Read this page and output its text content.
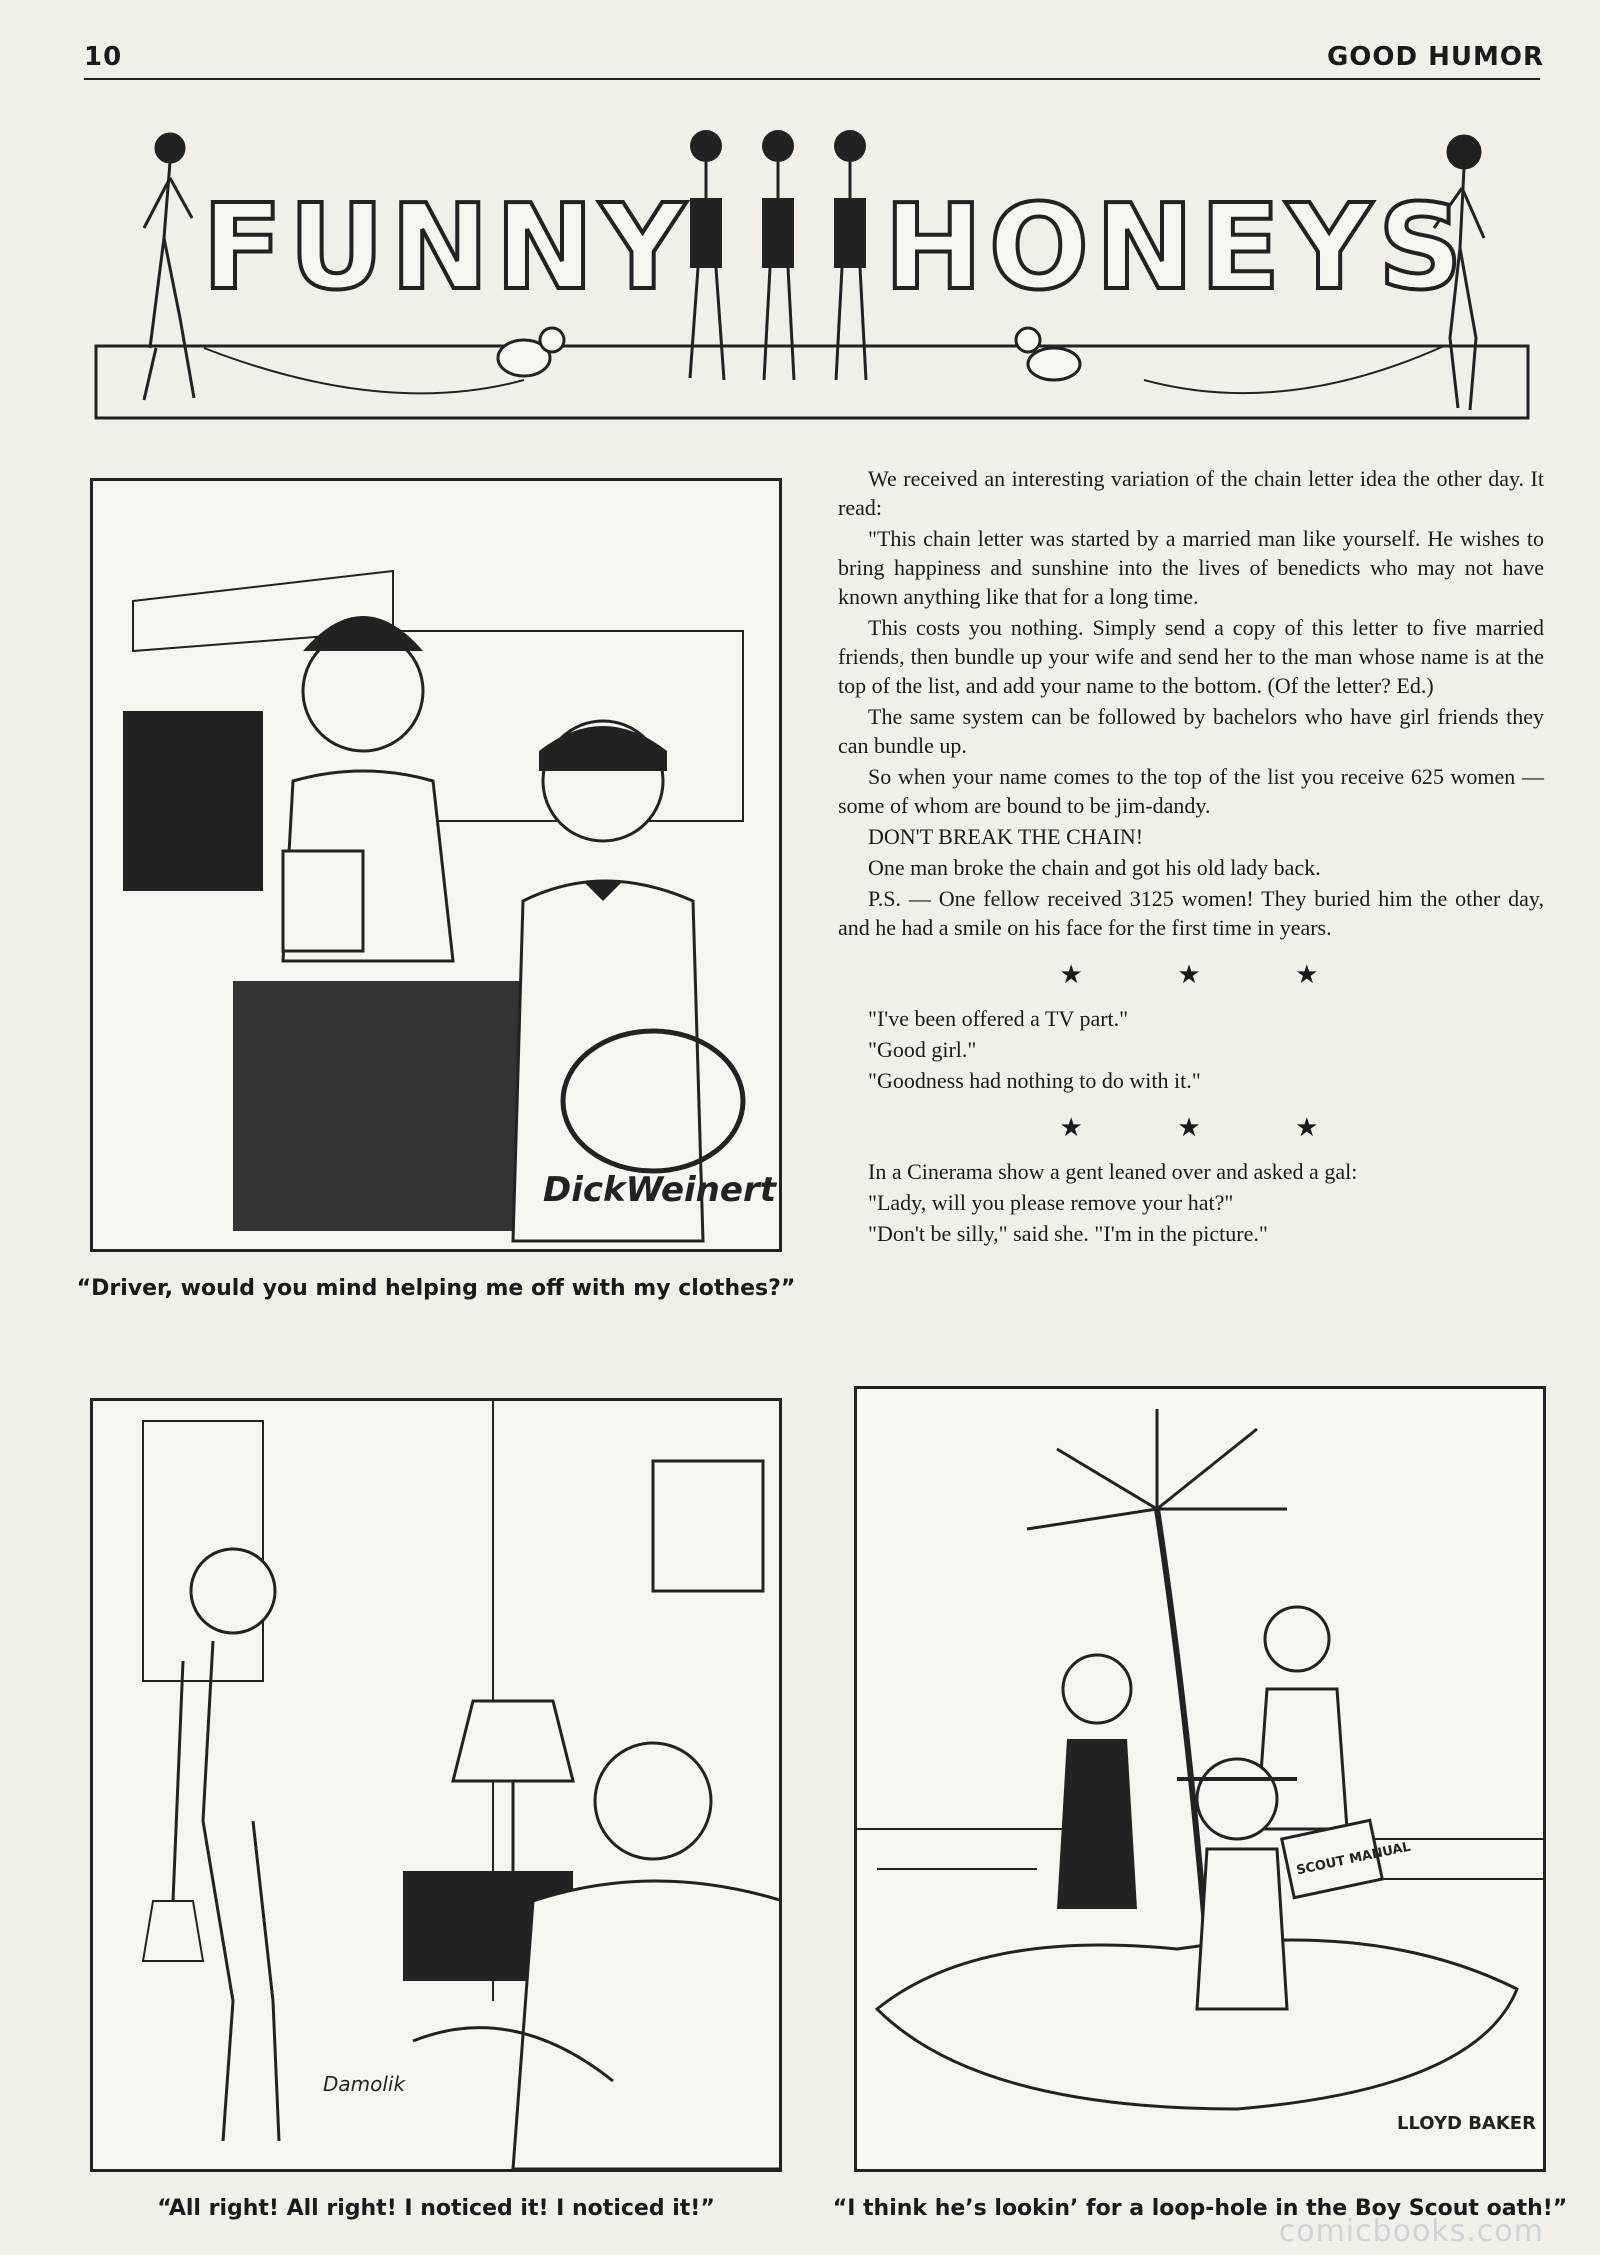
10	GOOD HUMOR
FUNNY HONEYS
DickWeinert
“Driver, would you mind helping me off with my clothes?”

We received an interesting variation of the chain letter idea the other day. It read:

"This chain letter was started by a married man like yourself. He wishes to bring happiness and sunshine into the lives of benedicts who may not have known anything like that for a long time.

This costs you nothing. Simply send a copy of this letter to five married friends, then bundle up your wife and send her to the man whose name is at the top of the list, and add your name to the bottom. (Of the letter? Ed.)

The same system can be followed by bachelors who have girl friends they can bundle up.

So when your name comes to the top of the list you receive 625 women — some of whom are bound to be jim-dandy.

DON'T BREAK THE CHAIN!

One man broke the chain and got his old lady back.

P.S. — One fellow received 3125 women! They buried him the other day, and he had a smile on his face for the first time in years.

★ ★ ★

"I've been offered a TV part."

"Good girl."

"Goodness had nothing to do with it."

★ ★ ★

In a Cinerama show a gent leaned over and asked a gal:

"Lady, will you please remove your hat?"

"Don't be silly," said she. "I'm in the picture."

Damolik
“All right! All right! I noticed it! I noticed it!”
SCOUT MANUAL
LLOYD BAKER
“I think he’s lookin’ for a loop-hole in the Boy Scout oath!”
comicbooks.com
